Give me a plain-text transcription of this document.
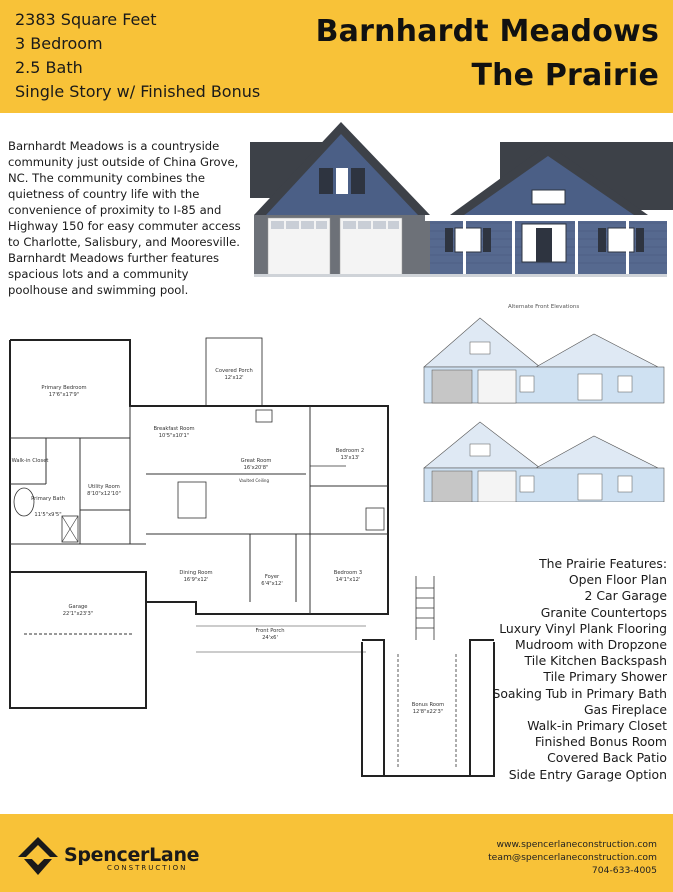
2383 Square Feet
3 Bedroom
2.5 Bath
Single Story w/ Finished Bonus
Barnhardt Meadows
The Prairie
Barnhardt Meadows is a countryside community just outside of China Grove, NC. The community combines the quietness of country life with the convenience of proximity to I-85 and Highway 150 for easy commuter access to Charlotte, Salisbury, and Mooresville. Barnhardt Meadows further features spacious lots and a community poolhouse and swimming pool.
Alternate Front Elevations
Primary Bedroom
17'6"x17'9"
Covered Porch
12'x12'
Breakfast Room
10'5"x10'1"
Great Room
16'x20'8"
Vaulted Ceiling
Bedroom 2
13'x13'
Walk-in Closet
Utility Room
8'10"x12'10"
Primary Bath
11'5"x9'5"
Dining Room
16'9"x12'	Foyer
6'4"x12'
Bedroom 3
14'1"x12'
Garage
22'1"x23'3"
Front Porch
24'x6'
Bonus Room
12'8"x22'3"
The Prairie Features:
Open Floor Plan
2 Car Garage
Granite Countertops
Luxury Vinyl Plank Flooring
Mudroom with Dropzone
Tile Kitchen Backspash
Tile Primary Shower
Soaking Tub in Primary Bath
Gas Fireplace
Walk-in Primary Closet
Finished Bonus Room
Covered Back Patio
Side Entry Garage Option
SpencerLane
CONSTRUCTION
www.spencerlaneconstruction.com
team@spencerlaneconstruction.com
704-633-4005
